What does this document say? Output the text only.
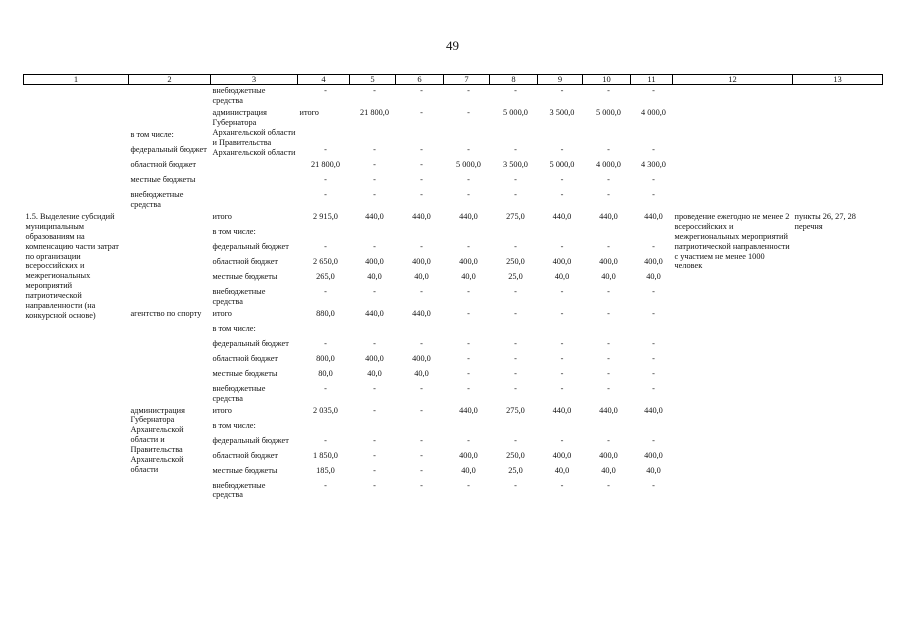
49
1	2	3	4	5	6	7	8	9	10	11	12	13	
		внебюджетные средства	-	-	-	-	-	-	-	-			
		администрация Губернатора Архангельской области и Правительства Архангельской области	итого	21 800,0	-	-	5 000,0	3 500,0	5 000,0	4 000,0			
	в том числе:												
	федеральный бюджет		-	-	-	-	-	-	-	-			
	областной бюджет		21 800,0	-	-	5 000,0	3 500,0	5 000,0	4 000,0	4 300,0			
	местные бюджеты		-	-	-	-	-	-	-	-			
	внебюджетные средства		-	-	-	-	-	-	-	-			
1.5. Выделение субсидий муниципальным образованиям на компенсацию части затрат по организации всероссийских и межрегиональных мероприятий патриотической направленности (на конкурсной основе)		итого	2 915,0	440,0	440,0	440,0	275,0	440,0	440,0	440,0	проведение ежегодно не менее 2 всероссийских и межрегиональных мероприятий патриотической направленности с участием не менее 1000 человек	пункты 26, 27, 28 перечня	
		в том числе:											
		федеральный бюджет	-	-	-	-	-	-	-	-			
		областной бюджет	2 650,0	400,0	400,0	400,0	250,0	400,0	400,0	400,0			
		местные бюджеты	265,0	40,0	40,0	40,0	25,0	40,0	40,0	40,0			
		внебюджетные средства	-	-	-	-	-	-	-	-			
	агентство по спорту	итого	880,0	440,0	440,0	-	-	-	-	-			
		в том числе:											
		федеральный бюджет	-	-	-	-	-	-	-	-			
		областной бюджет	800,0	400,0	400,0	-	-	-	-	-			
		местные бюджеты	80,0	40,0	40,0	-	-	-	-	-			
		внебюджетные средства	-	-	-	-	-	-	-	-			
	администрация Губернатора Архангельской области и Правительства Архангельской области	итого	2 035,0	-	-	440,0	275,0	440,0	440,0	440,0			
		в том числе:											
		федеральный бюджет	-	-	-	-	-	-	-	-			
		областной бюджет	1 850,0	-	-	400,0	250,0	400,0	400,0	400,0			
		местные бюджеты	185,0	-	-	40,0	25,0	40,0	40,0	40,0			
		внебюджетные средства	-	-	-	-	-	-	-	-			
